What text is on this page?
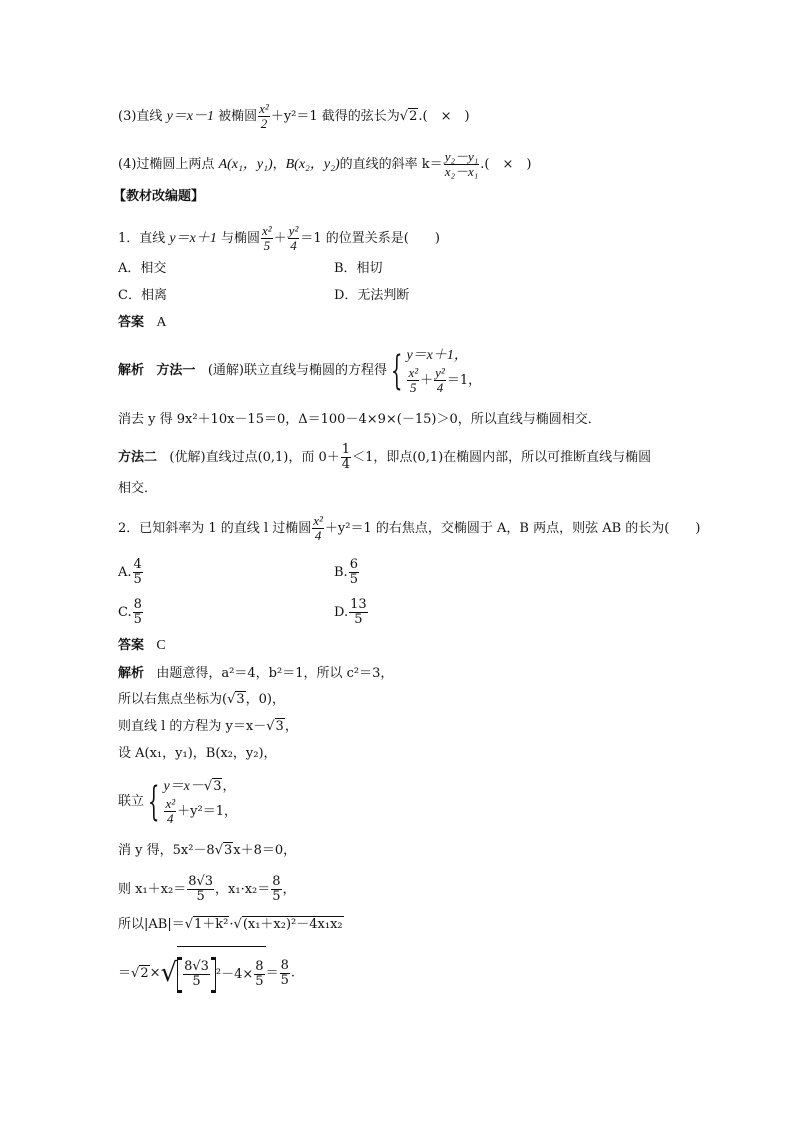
(3)直线 y＝x－1 被椭圆 $\frac{\text{x²}}{2} +y^2=1$ 截得的弦长为√2.(　×　)
(4)过椭圆上两点 A(x₁，y₁)，B(x₂，y₂)的直线的斜率 $k= \frac{\text{y₂－y₁}}{\text{x₂－x₁}}$ .(　×　)
【教材改编题】
1．直线 y＝x＋1 与椭圆 $\frac{\text{x²}}{5} + \frac{\text{y²}}{4} =1$ 的位置关系是(　　)
A．相交	B．相切
C．相离	D．无法判断
答案 A
解析 方法一 (通解)联立直线与椭圆的方程得{ y＝x＋1，
$\frac{\text{x²}}{5} + \frac{\text{y²}}{4} =1$，
消去 y 得 9x²＋10x－15＝0，Δ＝100－4×9×(－15)＞0，所以直线与椭圆相交．
方法二 (优解)直线过点(0,1)，而 $0+ \frac{1}{4} <1$，即点(0,1)在椭圆内部，所以可推断直线与椭圆
相交．
2．已知斜率为 1 的直线 l 过椭圆 $\frac{\text{x²}}{4} +y^2=1$ 的右焦点，交椭圆于 A，B 两点，则弦 AB 的长为(　　)
A. $\frac{4}{5}$	B. $\frac{6}{5}$
C. $\frac{8}{5}$	D. $\frac{13}{5}$
答案 C
解析 由题意得，a²＝4，b²＝1，所以 c²＝3，
所以右焦点坐标为(√3，0)，
则直线 l 的方程为 y＝x－√3，
设 A(x₁，y₁)，B(x₂，y₂)，
联立{ y＝x－√3，
$\frac{\text{x²}}{4} +y^2=1$，
消 y 得，5x²－8√3x＋8＝0，
则 $x_1+x_2= \frac{8√3}{5}$ ，$x_1\cdot x_2= \frac{8}{5}$ ，
所以|AB|＝√1＋k²·√(x₁＋x₂)²－4x₁x₂
$=√2\times√ \frac{8√3}{5} ^2-4\times \frac{8}{5} = \frac{8}{5}$ .
